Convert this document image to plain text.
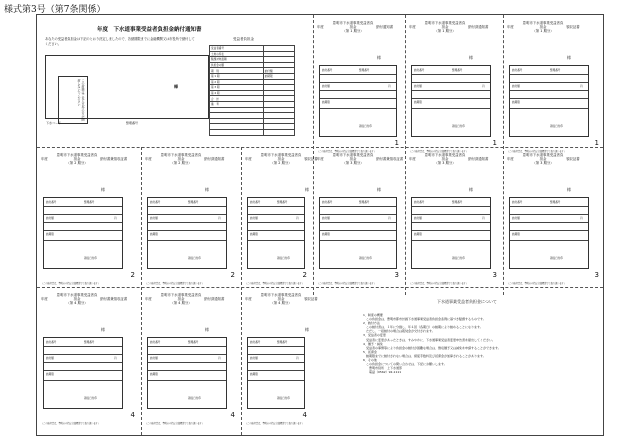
様式第3号（第7条関係）
年度　下水道事業受益者負担金納付通知書
あなたの受益者負担金は下記のとおり決定しましたので、各納期限までに金融機関又は市役所で納付してください。
この封筒はご本人以外の方が開封しないでください	様
下水コード	整理番号
受益者負担金
受益者番号	
土地の所在	
賦課対象面積	
負担金の額	
期　別	納付額
第 1 期	納期限
第 2 期	
第 3 期	
第 4 期	
合　計	
備　考	

年度豊明市下水道事業受益者負担金	納付通知書
（第 1 期分）
様
納付番号	整理番号
納付額	円
納期限
領収日付印
1
（この納付書は、豊明市の指定金融機関等で取り扱います）
年度豊明市下水道事業受益者負担金	納付済通知書
（第 1 期分）
様
納付番号	整理番号
納付額	円
納期限
領収日付印
1
（この納付書は、豊明市の指定金融機関等で取り扱います）
年度豊明市下水道事業受益者負担金	領収証書
（第 1 期分）
様
納付番号	整理番号
納付額	円
納期限
領収日付印
1
（この納付書は、豊明市の指定金融機関等で取り扱います）
年度豊明市下水道事業受益者負担金	納付書兼領収証書
（第 2 期分）
様
納付番号	整理番号
納付額	円
納期限
領収日付印
2
（この納付書は、豊明市の指定金融機関等で取り扱います）
年度豊明市下水道事業受益者負担金	納付済通知書
（第 2 期分）
様
納付番号	整理番号
納付額	円
納期限
領収日付印
2
（この納付書は、豊明市の指定金融機関等で取り扱います）
年度豊明市下水道事業受益者負担金	領収証書
（第 2 期分）
様
納付番号	整理番号
納付額	円
納期限
領収日付印
2
（この納付書は、豊明市の指定金融機関等で取り扱います）
年度豊明市下水道事業受益者負担金	納付書兼領収証書
（第 3 期分）
様
納付番号	整理番号
納付額	円
納期限
領収日付印
3
（この納付書は、豊明市の指定金融機関等で取り扱います）
年度豊明市下水道事業受益者負担金	納付済通知書
（第 3 期分）
様
納付番号	整理番号
納付額	円
納期限
領収日付印
3
（この納付書は、豊明市の指定金融機関等で取り扱います）
年度豊明市下水道事業受益者負担金	領収証書
（第 3 期分）
様
納付番号	整理番号
納付額	円
納期限
領収日付印
3
（この納付書は、豊明市の指定金融機関等で取り扱います）
年度豊明市下水道事業受益者負担金	納付書兼領収証書
（第 4 期分）
様
納付番号	整理番号
納付額	円
納期限
領収日付印
4
（この納付書は、豊明市の指定金融機関等で取り扱います）
年度豊明市下水道事業受益者負担金	納付済通知書
（第 4 期分）
様
納付番号	整理番号
納付額	円
納期限
領収日付印
4
（この納付書は、豊明市の指定金融機関等で取り扱います）
年度豊明市下水道事業受益者負担金	領収証書
（第 4 期分）
様
納付番号	整理番号
納付額	円
納期限
領収日付印
4
（この納付書は、豊明市の指定金融機関等で取り扱います）
下水道事業受益者負担金について
1．制度の概要
　この負担金は、豊明市都市計画下水道事業受益者負担金条例に基づき賦課するものです。
2．納付方法
　この納付書は、１年に分割し、年４回（各期日）の納期により納めることになります。
　ただし、一括納付の場合は報奨金が交付されます。
3．受益者の変更
　受益者に変更があったときは、すみやかに、下水道事業受益者変更申告書を提出してください。
4．猶予・減免
　受益者の事情等により負担金の納付が困難な場合は、徴収猶予又は減免を申請することができます。
5．延滞金
　納期限までに納付されない場合は、督促手数料及び延滞金が加算されることがあります。
6．その他
　この負担金についての問い合わせは、下記にお願いします。
　　豊明市役所　上下水道部
　　電話（0562）92-1111
